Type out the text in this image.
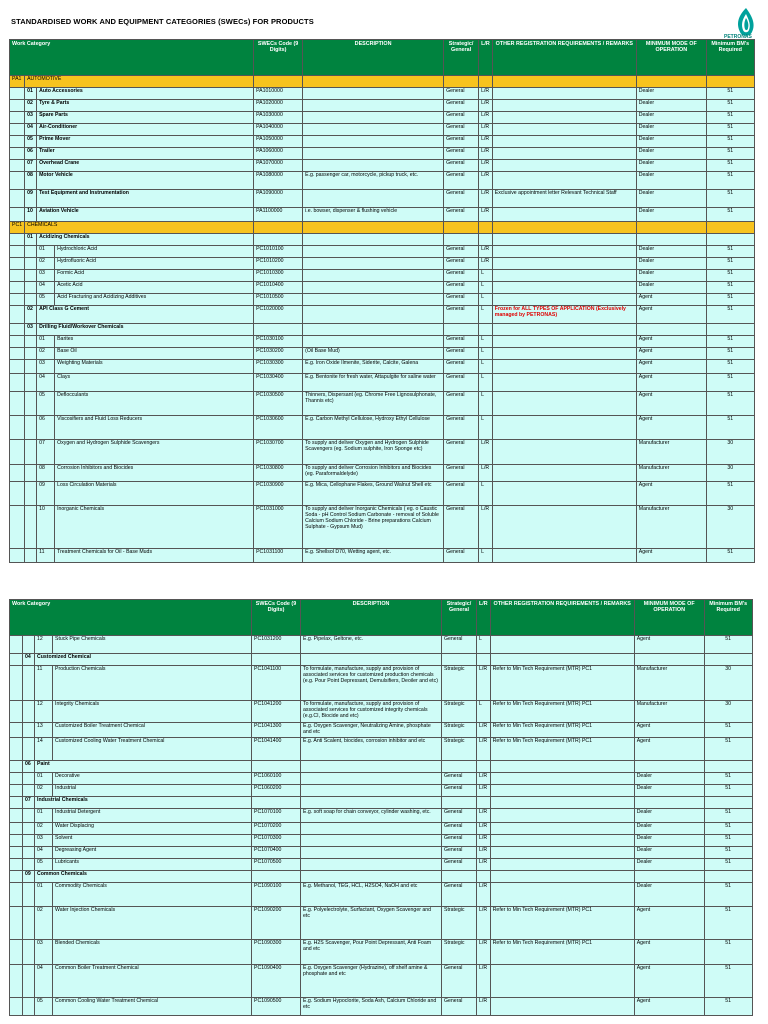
STANDARDISED WORK AND EQUIPMENT CATEGORIES (SWECs) FOR PRODUCTS
PETRONAS
Work Category				SWECs Code (9 Digits)	DESCRIPTION	Strategic/ General	L/R	OTHER REGISTRATION REQUIREMENTS / REMARKS	MINIMUM MODE OF OPERATION	Minimum BM's Required
PA1	AUTOMOTIVE									
	01	Auto Accessories		PA1010000		General	L/R		Dealer	51
	02	Tyre & Parts		PA1020000		General	L/R		Dealer	51
	03	Spare Parts		PA1030000		General	L/R		Dealer	51
	04	Air-Conditioner		PA1040000		General	L/R		Dealer	51
	05	Prime Mover		PA1050000		General	L/R		Dealer	51
	06	Trailer		PA1060000		General	L/R		Dealer	51
	07	Overhead Crane		PA1070000		General	L/R		Dealer	51
	08	Motor Vehicle		PA1080000	E.g. passenger car, motorcycle, pickup truck, etc.	General	L/R		Dealer	51
	09	Test Equipment and Instrumentation		PA1090000		General	L/R	Exclusive appointment letter Relevant Technical Staff	Dealer	51
	10	Aviation Vehicle		PA1100000	i.e. bowser, dispenser & flushing vehicle	General	L/R		Dealer	51
PC1	CHEMICALS									
	01	Acidizing Chemicals								
		01	Hydrochloric Acid	PC1010100		General	L/R		Dealer	51
		02	Hydrofluoric Acid	PC1010200		General	L/R		Dealer	51
		03	Formic Acid	PC1010300		General	L		Dealer	51
		04	Acetic Acid	PC1010400		General	L		Dealer	51
		05	Acid Fracturing and Acidizing Additives	PC1010500		General	L		Agent	51
	02	API Class G Cement		PC1020000		General	L	Frozen for ALL TYPES OF APPLICATION (Exclusively managed by PETRONAS)	Agent	51
	03	Drilling Fluid/Workover Chemicals								
		01	Barites	PC1030100		General	L		Agent	51
		02	Base Oil	PC1030200	(Oil Base Mud)	General	L		Agent	51
		03	Weighting Materials	PC1030300	E.g. Iron Oxide Ilmenite, Siderite, Calcite, Galena	General	L		Agent	51
		04	Clays	PC1030400	E.g. Bentonite for fresh water, Attapulgite for saline water	General	L		Agent	51
		05	Deflocculants	PC1030500	Thinners, Dispersant (eg. Chrome Free Lignosulphonate, Thannis etc)	General	L		Agent	51
		06	Viscosifiers and Fluid Loss Reducers	PC1030600	E.g. Carbon Methyl Cellulose, Hydroxy Ethyl Cellulose	General	L		Agent	51
		07	Oxygen and Hydrogen Sulphide Scavengers	PC1030700	To supply and deliver Oxygen and Hydrogen Sulphide Scavengers (eg. Sodium sulphite, Iron Sponge etc)	General	L/R		Manufacturer	30
		08	Corrosion Inhibitors and Biocides	PC1030800	To supply and deliver Corrosion Inhibitors and Biocides (eg. Paraformaldelyde)	General	L/R		Manufacturer	30
		09	Loss Circulation Materials	PC1030900	E.g. Mica, Cellophane Flakes, Ground Walnut Shell etc	General	L		Agent	51
		10	Inorganic Chemicals	PC1031000	To supply and deliver Inorganic Chemicals ( eg. o Caustic Soda - pH Control Sodium Carbonate - removal of Soluble Calcium Sodium Chloride - Brine preparations Calcium Sulphate - Gypsum Mud)	General	L/R		Manufacturer	30
		11	Treatment Chemicals for Oil - Base Muds	PC1031100	E.g. Shellsol D70, Wetting agent, etc.	General	L		Agent	51
Work Category				SWECs Code (9 Digits)	DESCRIPTION	Strategic/ General	L/R	OTHER REGISTRATION REQUIREMENTS / REMARKS	MINIMUM MODE OF OPERATION	Minimum BM's Required
		12	Stuck Pipe Chemicals	PC1031200	E.g. Pipelax, Geltone, etc.	General	L		Agent	51
	04	Customized Chemical								
		11	Production Chemicals	PC1041100	To formulate, manufacture, supply and provision of associated services for customized production chemicals (e.g. Pour Point Depressant, Demulsifiers, Deoiler and etc)	Strategic	L/R	Refer to Min Tech Requirement (MTR) PC1	Manufacturer	30
		12	Integrity Chemicals	PC1041200	To formulate, manufacture, supply and provision of associated services for customized integrity chemicals (e.g.CI, Biocide and etc)	Strategic	L	Refer to Min Tech Requirement (MTR) PC1	Manufacturer	30
		13	Customized Boiler Treatment Chemical	PC1041300	E.g. Oxygen Scavenger, Neutralizing Amine, phosphate and etc	Strategic	L/R	Refer to Min Tech Requirement (MTR) PC1	Agent	51
		14	Customized Cooling Water Treatment Chemical	PC1041400	E.g. Anti Scalent, biocides, corrosion inhibitor and etc	Strategic	L/R	Refer to Min Tech Requirement (MTR) PC1	Agent	51
	06	Paint								
		01	Decorative	PC1060100		General	L/R		Dealer	51
		02	Industrial	PC1060200		General	L/R		Dealer	51
	07	Industrial Chemicals								
		01	Industrial Detergent	PC1070100	E.g. soft soap for chain conveyor, cylinder washing, etc.	General	L/R		Dealer	51
		02	Water Displacing	PC1070200		General	L/R		Dealer	51
		03	Solvent	PC1070300		General	L/R		Dealer	51
		04	Degreasing Agent	PC1070400		General	L/R		Dealer	51
		05	Lubricants	PC1070500		General	L/R		Dealer	51
	09	Common Chemicals								
		01	Commodity Chemicals	PC1090100	E.g. Methanol, TEG, HCL, H2SO4, NaOH and etc	General	L/R		Dealer	51
		02	Water Injection Chemicals	PC1090200	E.g. Polyelectrolyte, Surfactant, Oxygen Scavenger and etc	Strategic	L/R	Refer to Min Tech Requirement (MTR) PC1	Agent	51
		03	Blended Chemicals	PC1090300	E.g. H2S Scavenger, Pour Point Depressant, Anti Foam and etc	Strategic	L/R	Refer to Min Tech Requirement (MTR) PC1	Agent	51
		04	Common Boiler Treatment Chemical	PC1090400	E.g. Oxygen Scavenger (Hydrazine), off shelf amine & phosphate and etc	General	L/R		Agent	51
		05	Common Cooling Water Treatment Chemical	PC1090500	E.g. Sodium Hypoclorite, Soda Ash, Calcium Chloride and etc	General	L/R		Agent	51
